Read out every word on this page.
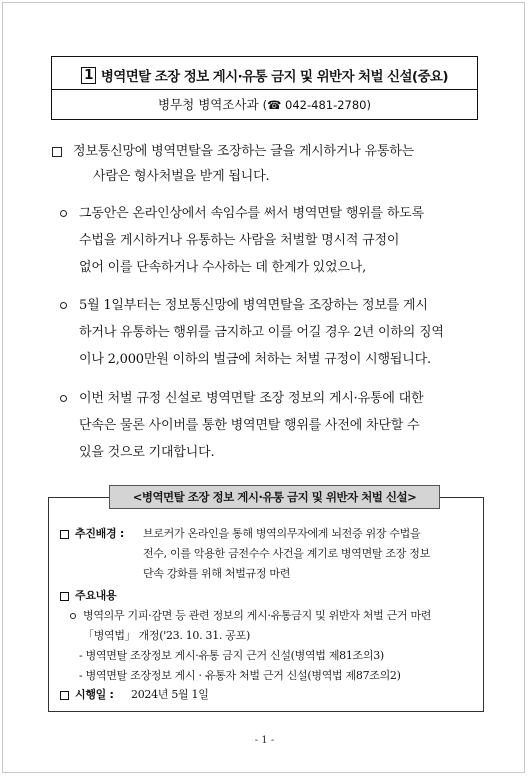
1 병역면탈 조장 정보 게시·유통 금지 및 위반자 처벌 신설(중요)
병무청 병역조사과 (☎ 042-481-2780)
정보통신망에 병역면탈을 조장하는 글을 게시하거나 유통하는
사람은 형사처벌을 받게 됩니다.
그동안은 온라인상에서 속임수를 써서 병역면탈 행위를 하도록
수법을 게시하거나 유통하는 사람을 처벌할 명시적 규정이
없어 이를 단속하거나 수사하는 데 한계가 있었으나,
5월 1일부터는 정보통신망에 병역면탈을 조장하는 정보를 게시
하거나 유통하는 행위를 금지하고 이를 어길 경우 2년 이하의 징역
이나 2,000만원 이하의 벌금에 처하는 처벌 규정이 시행됩니다.
이번 처벌 규정 신설로 병역면탈 조장 정보의 게시·유통에 대한
단속은 물론 사이버를 통한 병역면탈 행위를 사전에 차단할 수
있을 것으로 기대합니다.
<병역면탈 조장 정보 게시·유통 금지 및 위반자 처벌 신설>
추진배경 : 브로커가 온라인을 통해 병역의무자에게 뇌전증 위장 수법을
전수, 이를 악용한 금전수수 사건을 계기로 병역면탈 조장 정보
단속 강화를 위해 처벌규정 마련
주요내용
병역의무 기피·감면 등 관련 정보의 게시·유통금지 및 위반자 처벌 근거 마련
「병역법」 개정('23. 10. 31. 공포)
- 병역면탈 조장정보 게시·유통 금지 근거 신설(병역법 제81조의3)
- 병역면탈 조장정보 게시 · 유통자 처벌 근거 신설(병역법 제87조의2)
시행일 : 2024년 5월 1일
- 1 -
